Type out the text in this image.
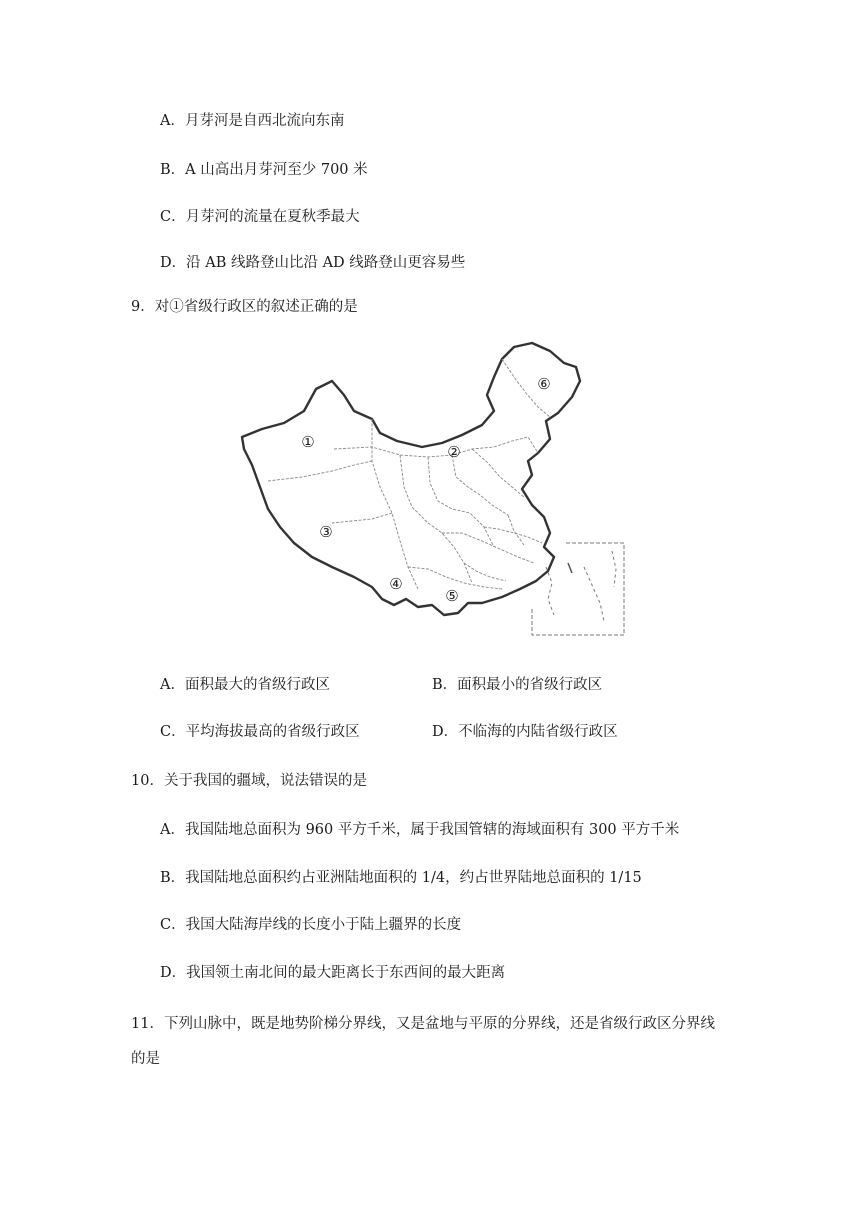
A．月芽河是自西北流向东南
B．A 山高出月芽河至少 700 米
C．月芽河的流量在夏秋季最大
D．沿 AB 线路登山比沿 AD 线路登山更容易些
9．对①省级行政区的叙述正确的是
①
②
③
④
⑤
⑥
A．面积最大的省级行政区	B．面积最小的省级行政区
C．平均海拔最高的省级行政区	D．不临海的内陆省级行政区
10．关于我国的疆域，说法错误的是
A．我国陆地总面积为 960 平方千米，属于我国管辖的海域面积有 300 平方千米
B．我国陆地总面积约占亚洲陆地面积的 1/4，约占世界陆地总面积的 1/15
C．我国大陆海岸线的长度小于陆上疆界的长度
D．我国领土南北间的最大距离长于东西间的最大距离
11．下列山脉中，既是地势阶梯分界线，又是盆地与平原的分界线，还是省级行政区分界线
的是
